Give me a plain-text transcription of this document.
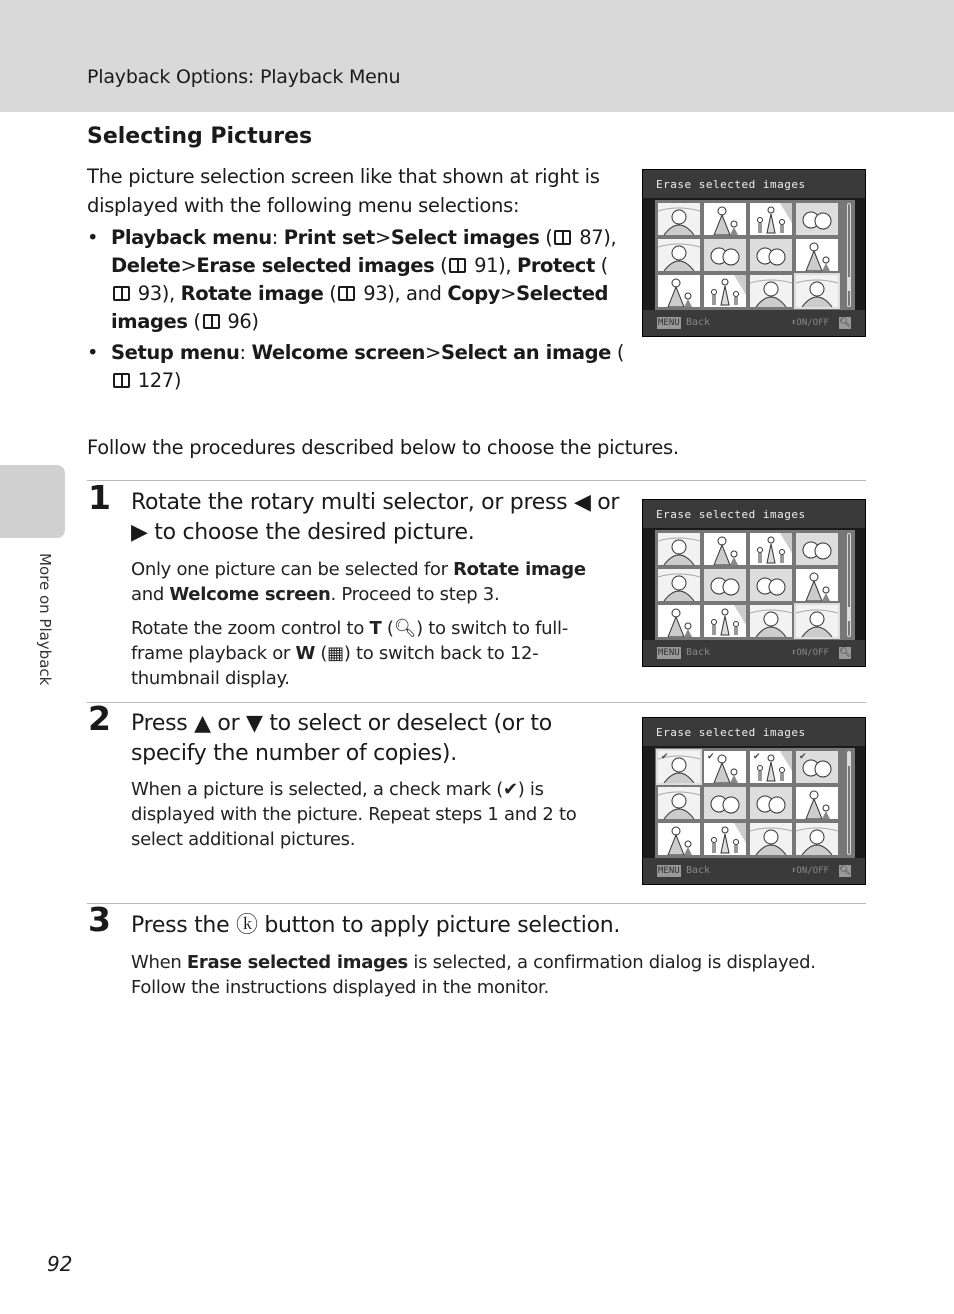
Playback Options: Playback Menu
Selecting Pictures
The picture selection screen like that shown at right is displayed with the following menu selections:
• Playback menu: Print set>Select images ( 87), Delete>Erase selected images ( 91), Protect ( 93), Rotate image ( 93), and Copy>Selected images ( 96)
• Setup menu: Welcome screen>Select an image ( 127)
Follow the procedures described below to choose the pictures.
1 Rotate the rotary multi selector, or press ◀ or ▶ to choose the desired picture.
Only one picture can be selected for Rotate image and Welcome screen. Proceed to step 3.
Rotate the zoom control to T (🔍︎) to switch to full-frame playback or W (▦) to switch back to 12-thumbnail display.
2 Press ▲ or ▼ to select or deselect (or to specify the number of copies).
When a picture is selected, a check mark (✔) is displayed with the picture. Repeat steps 1 and 2 to select additional pictures.
3 Press the ⓚ button to apply picture selection.
When Erase selected images is selected, a confirmation dialog is displayed. Follow the instructions displayed in the monitor.
Erase selected images
MENU Back	⬍ON/OFF 🔍︎
Erase selected images
MENU Back	⬍ON/OFF 🔍︎
Erase selected images
✔	✔	✔	✔
MENU Back	⬍ON/OFF 🔍︎
More on Playback
92
